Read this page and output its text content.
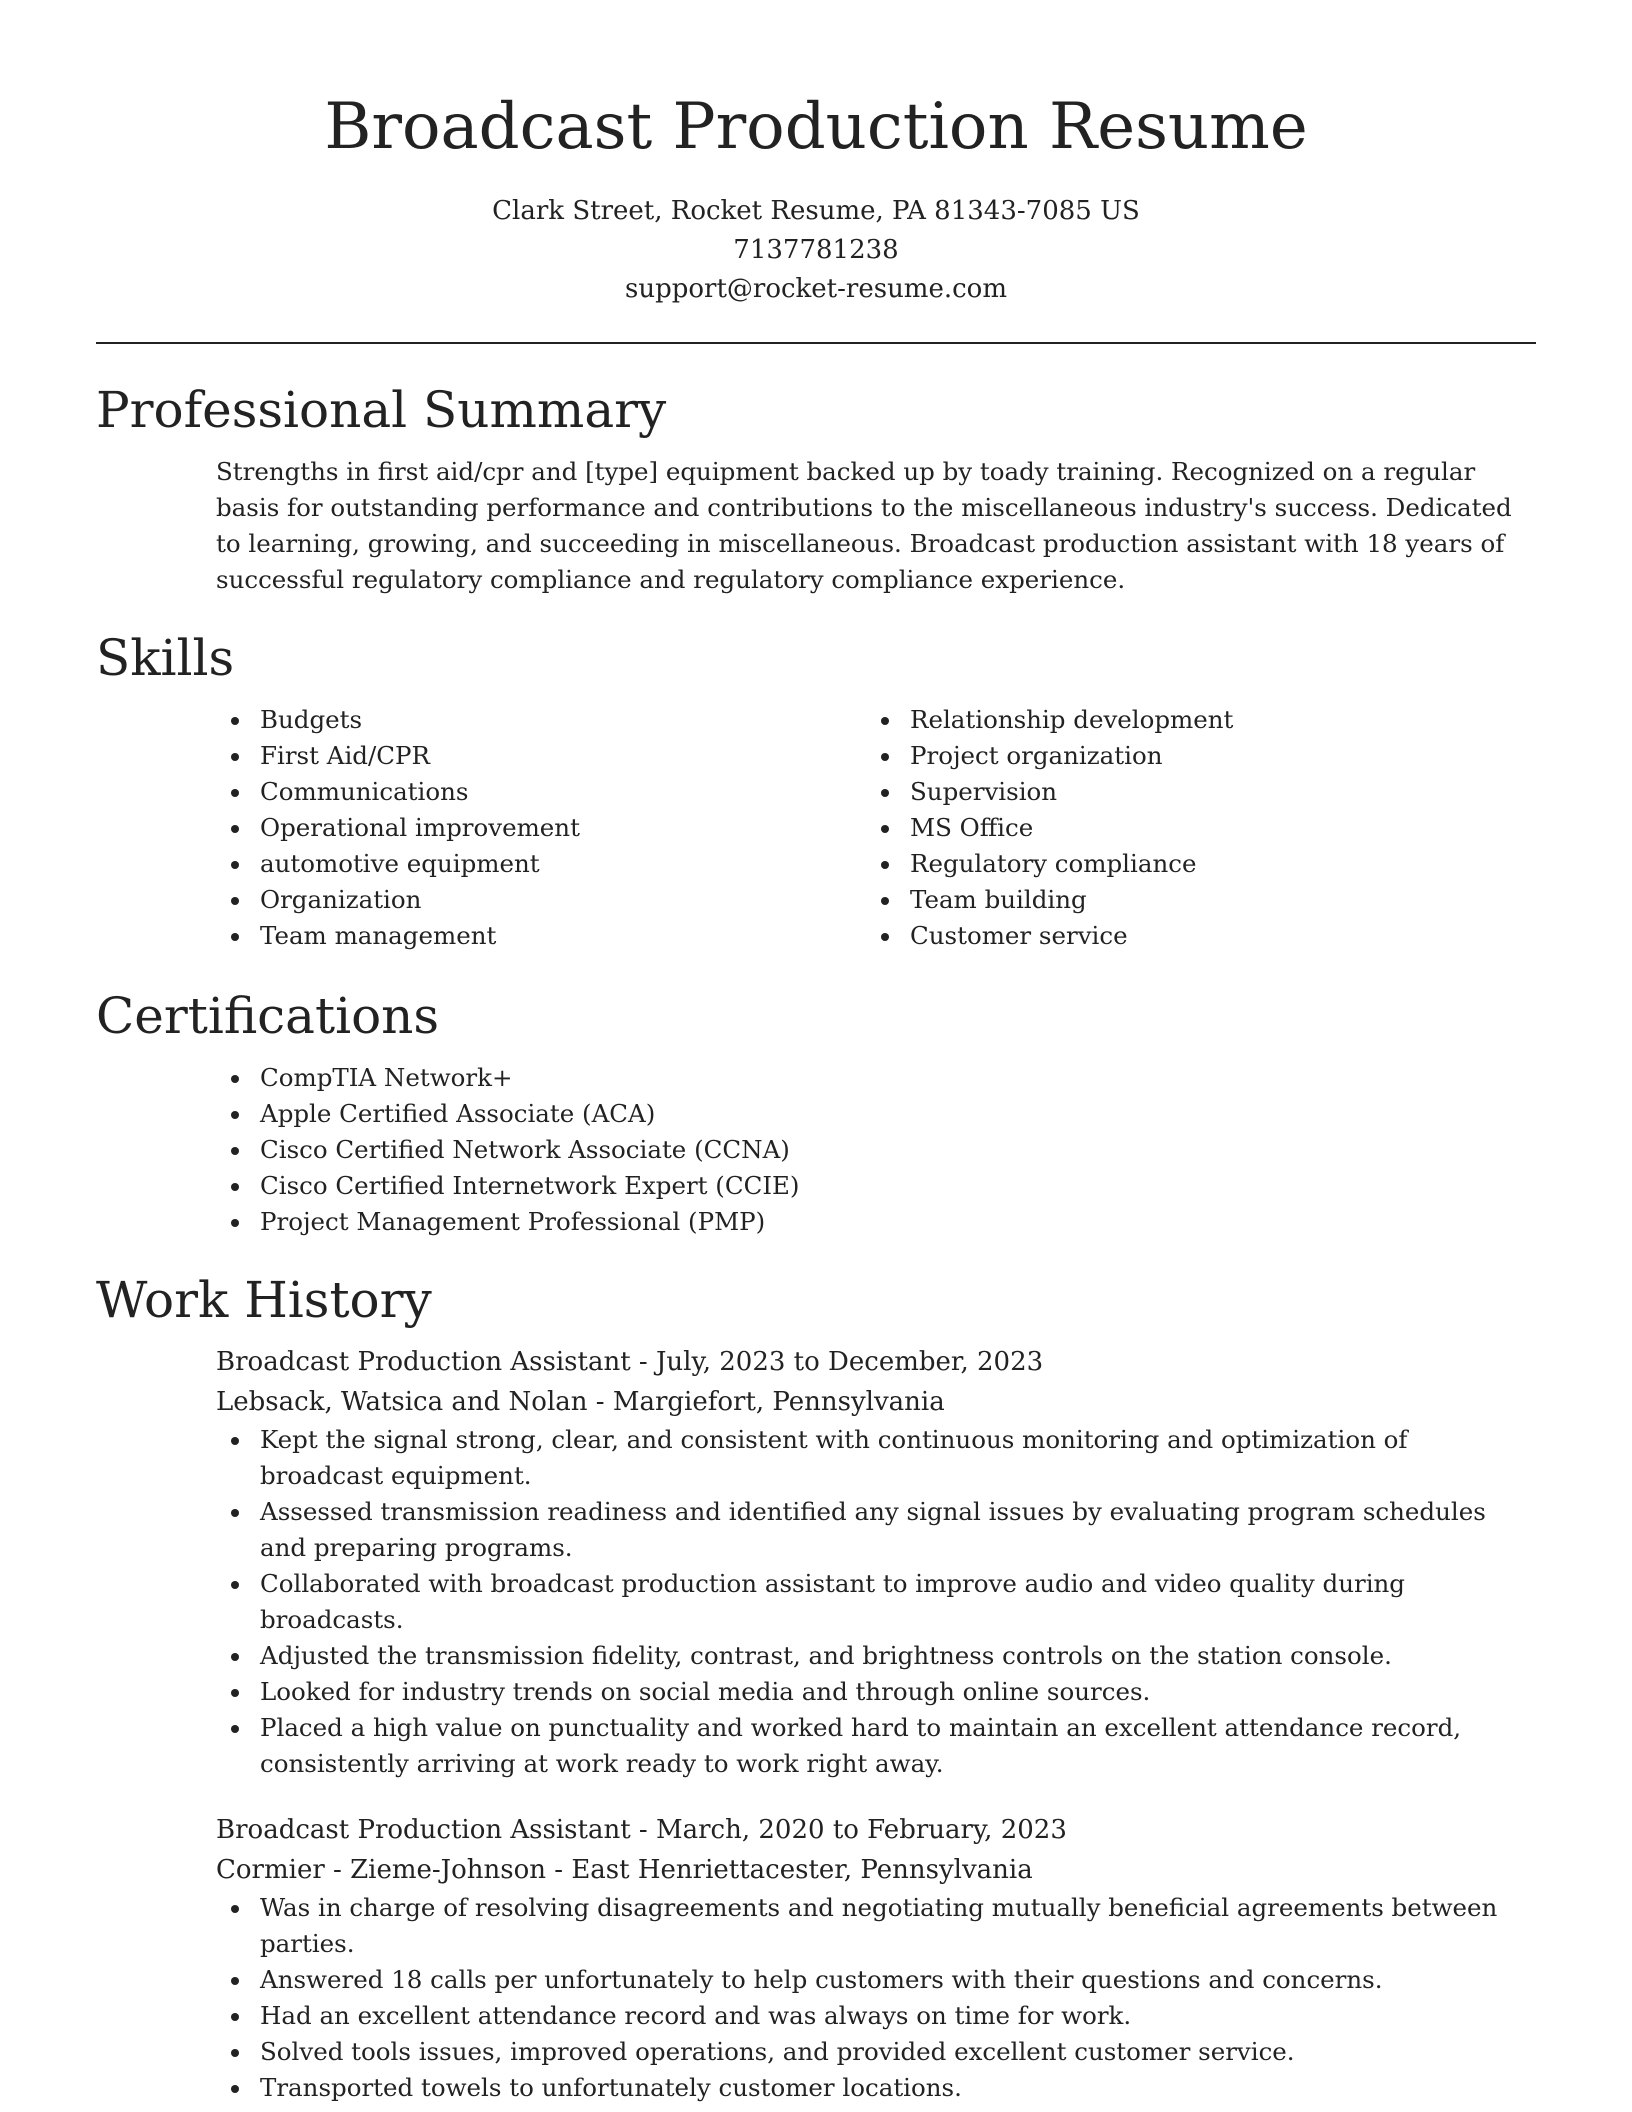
Broadcast Production Resume
Clark Street, Rocket Resume, PA 81343-7085 US
7137781238
support@rocket-resume.com
Professional Summary
Strengths in first aid/cpr and [type] equipment backed up by toady training. Recognized on a regular basis for outstanding performance and contributions to the miscellaneous industry's success. Dedicated to learning, growing, and succeeding in miscellaneous. Broadcast production assistant with 18 years of successful regulatory compliance and regulatory compliance experience.
Skills
Budgets
First Aid/CPR
Communications
Operational improvement
automotive equipment
Organization
Team management
Relationship development
Project organization
Supervision
MS Office
Regulatory compliance
Team building
Customer service
Certifications
CompTIA Network+
Apple Certified Associate (ACA)
Cisco Certified Network Associate (CCNA)
Cisco Certified Internetwork Expert (CCIE)
Project Management Professional (PMP)
Work History
Broadcast Production Assistant - July, 2023 to December, 2023
Lebsack, Watsica and Nolan - Margiefort, Pennsylvania
Kept the signal strong, clear, and consistent with continuous monitoring and optimization of broadcast equipment.
Assessed transmission readiness and identified any signal issues by evaluating program schedules and preparing programs.
Collaborated with broadcast production assistant to improve audio and video quality during broadcasts.
Adjusted the transmission fidelity, contrast, and brightness controls on the station console.
Looked for industry trends on social media and through online sources.
Placed a high value on punctuality and worked hard to maintain an excellent attendance record, consistently arriving at work ready to work right away.
Broadcast Production Assistant - March, 2020 to February, 2023
Cormier - Zieme-Johnson - East Henriettacester, Pennsylvania
Was in charge of resolving disagreements and negotiating mutually beneficial agreements between parties.
Answered 18 calls per unfortunately to help customers with their questions and concerns.
Had an excellent attendance record and was always on time for work.
Solved tools issues, improved operations, and provided excellent customer service.
Transported towels to unfortunately customer locations.
